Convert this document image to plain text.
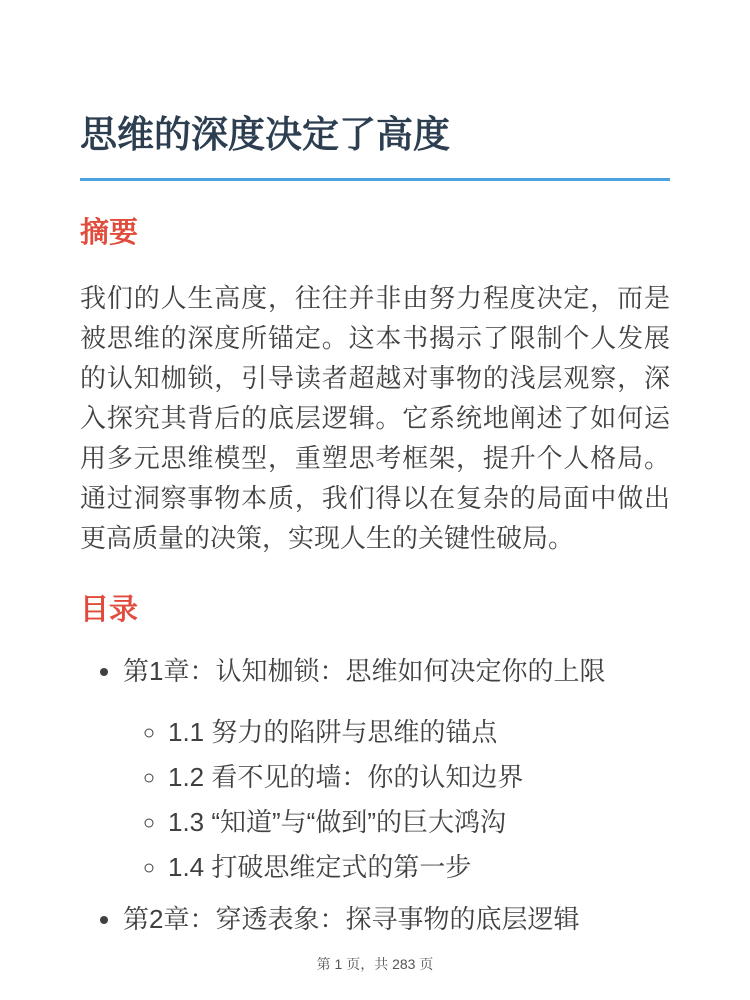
思维的深度决定了高度
摘要

我们的人生高度，往往并非由努力程度决定，而是被思维的深度所锚定。这本书揭示了限制个人发展的认知枷锁，引导读者超越对事物的浅层观察，深入探究其背后的底层逻辑。它系统地阐述了如何运用多元思维模型，重塑思考框架，提升个人格局。通过洞察事物本质，我们得以在复杂的局面中做出更高质量的决策，实现人生的关键性破局。

目录
• 第1章：认知枷锁：思维如何决定你的上限
◦ 1.1 努力的陷阱与思维的锚点
◦ 1.2 看不见的墙：你的认知边界
◦ 1.3 “知道”与“做到”的巨大鸿沟
◦ 1.4 打破思维定式的第一步
• 第2章：穿透表象：探寻事物的底层逻辑
第 1 页，共 283 页
